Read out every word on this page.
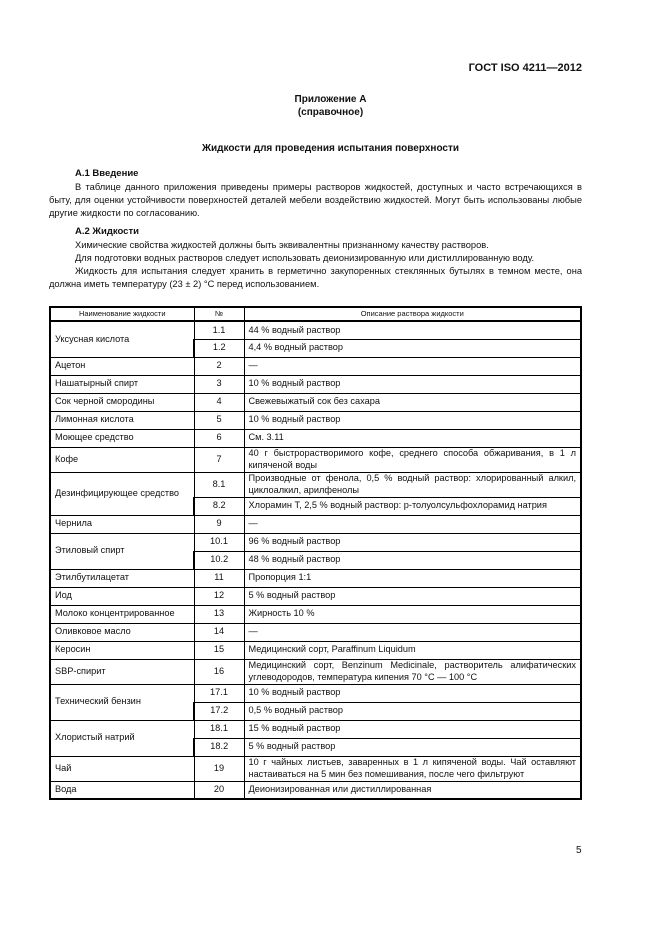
ГОСТ ISO 4211—2012
Приложение А
(справочное)
Жидкости для проведения испытания поверхности
А.1 Введение

В таблице данного приложения приведены примеры растворов жидкостей, доступных и часто встречающихся в быту, для оценки устойчивости поверхностей деталей мебели воздействию жидкостей. Могут быть использованы любые другие жидкости по согласованию.

А.2 Жидкости

Химические свойства жидкостей должны быть эквивалентны признанному качеству растворов.

Для подготовки водных растворов следует использовать деионизированную или дистиллированную воду.

Жидкость для испытания следует хранить в герметично закупоренных стеклянных бутылях в темном месте, она должна иметь температуру (23 ± 2) °С перед использованием.

Наименование жидкости	№	Описание раствора жидкости
Уксусная кислота	1.1	44 % водный раствор
	1.2	4,4 % водный раствор
Ацетон	2	—
Нашатырный спирт	3	10 % водный раствор
Сок черной смородины	4	Свежевыжатый сок без сахара
Лимонная кислота	5	10 % водный раствор
Моющее средство	6	См. 3.11
Кофе	7	40 г быстрорастворимого кофе, среднего способа обжаривания, в 1 л кипяченой воды
Дезинфицирующее средство	8.1	Производные от фенола, 0,5 % водный раствор: хлорированный алкил, циклоалкил, арилфенолы
	8.2	Хлорамин Т, 2,5 % водный раствор: p-толуолсульфохлорамид натрия
Чернила	9	—
Этиловый спирт	10.1	96 % водный раствор
	10.2	48 % водный раствор
Этилбутилацетат	11	Пропорция 1:1
Иод	12	5 % водный раствор
Молоко концентрированное	13	Жирность 10 %
Оливковое масло	14	—
Керосин	15	Медицинский сорт, Paraffinum Liquidum
SBP-спирит	16	Медицинский сорт, Benzinum Medicinale, растворитель алифатических углеводородов, температура кипения 70 °С — 100 °С
Технический бензин	17.1	10 % водный раствор
	17.2	0,5 % водный раствор
Хлористый натрий	18.1	15 % водный раствор
	18.2	5 % водный раствор
Чай	19	10 г чайных листьев, заваренных в 1 л кипяченой воды. Чай оставляют настаиваться на 5 мин без помешивания, после чего фильтруют
Вода	20	Деионизированная или дистиллированная
5
